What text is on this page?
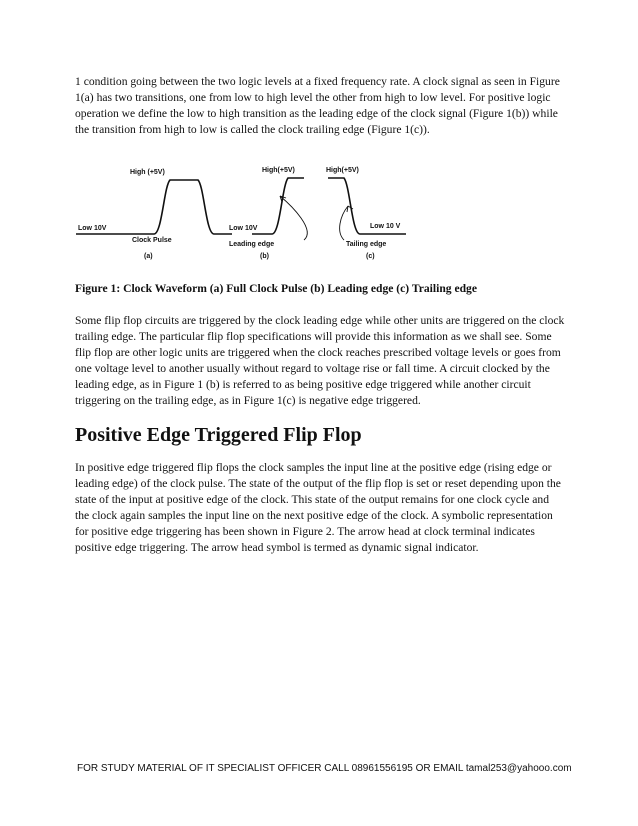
1 condition going between the two logic levels at a fixed frequency rate. A clock signal as seen in Figure 1(a) has two transitions, one from low to high level the other from high to low level. For positive logic operation we define the low to high transition as the leading edge of the clock signal (Figure 1(b)) while the transition from high to low is called the clock trailing edge (Figure 1(c)).

Low 10V
High (+5V)
Clock Pulse
(a)
High(+5V)
Low 10V
Leading edge
(b)
High(+5V)
Low 10 V
Tailing edge
(c)

Figure 1: Clock Waveform (a) Full Clock Pulse (b) Leading edge (c) Trailing edge

Some flip flop circuits are triggered by the clock leading edge while other units are triggered on the clock trailing edge. The particular flip flop specifications will provide this information as we shall see. Some flip flop are other logic units are triggered when the clock reaches prescribed voltage levels or goes from one voltage level to another usually without regard to voltage rise or fall time. A circuit clocked by the leading edge, as in Figure 1 (b) is referred to as being positive edge triggered while another circuit triggering on the trailing edge, as in Figure 1(c) is negative edge triggered.

Positive Edge Triggered Flip Flop

In positive edge triggered flip flops the clock samples the input line at the positive edge (rising edge or leading edge) of the clock pulse. The state of the output of the flip flop is set or reset depending upon the state of the input at positive edge of the clock. This state of the output remains for one clock cycle and the clock again samples the input line on the next positive edge of the clock. A symbolic representation for positive edge triggering has been shown in Figure 2. The arrow head at clock terminal indicates positive edge triggering. The arrow head symbol is termed as dynamic signal indicator.

FOR STUDY MATERIAL OF IT SPECIALIST OFFICER CALL 08961556195 OR EMAIL tamal253@yahooo.com
